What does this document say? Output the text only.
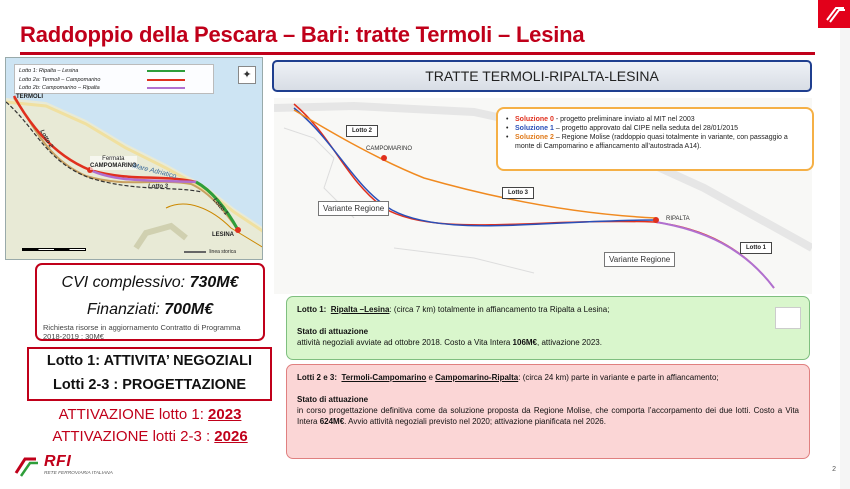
Raddoppio della Pescara – Bari: tratte Termoli – Lesina
Lotto 1: Ripalta – Lesina
Lotto 2a: Termoli – Campomarino
Lotto 2b: Campomarino – Ripalta
✦
TERMOLI
Fermata
CAMPOMARINO
Mare Adriatico
Lotto 3
Lotto 2
Lotto 1
LESINA
linea storica
CVI complessivo: 730M€
Finanziati: 700M€
Richiesta risorse in aggiornamento Contratto di Programma 2018-2019 : 30M€
Lotto 1: ATTIVITA’ NEGOZIALI
Lotti 2-3 : PROGETTAZIONE
ATTIVAZIONE lotto 1: 2023
ATTIVAZIONE lotti 2-3 : 2026
RFI
RETE FERROVIARIA ITALIANA
TRATTE TERMOLI-RIPALTA-LESINA
Lotto 2
CAMPOMARINO
Lotto 3
Variante Regione
RIPALTA
Variante Regione
Lotto 1
• Soluzione 0 - progetto preliminare inviato al MIT nel 2003
• Soluzione 1 – progetto approvato dal CIPE nella seduta del 28/01/2015
• Soluzione 2 – Regione Molise (raddoppio quasi totalmente in variante, con passaggio a monte di Campomarino e affiancamento all’autostrada A14).
Lotto 1: Ripalta –Lesina: (circa 7 km) totalmente in affiancamento tra Ripalta a Lesina;
Stato di attuazione
attività negoziali avviate ad ottobre 2018. Costo a Vita Intera 106M€, attivazione 2023.
Lotti 2 e 3: Termoli-Campomarino e Campomarino-Ripalta: (circa 24 km) parte in variante e parte in affiancamento;
Stato di attuazione
in corso progettazione definitiva come da soluzione proposta da Regione Molise, che comporta l’accorpamento dei due lotti. Costo a Vita Intera 624M€. Avvio attività negoziali previsto nel 2020; attivazione pianificata nel 2026.
2
